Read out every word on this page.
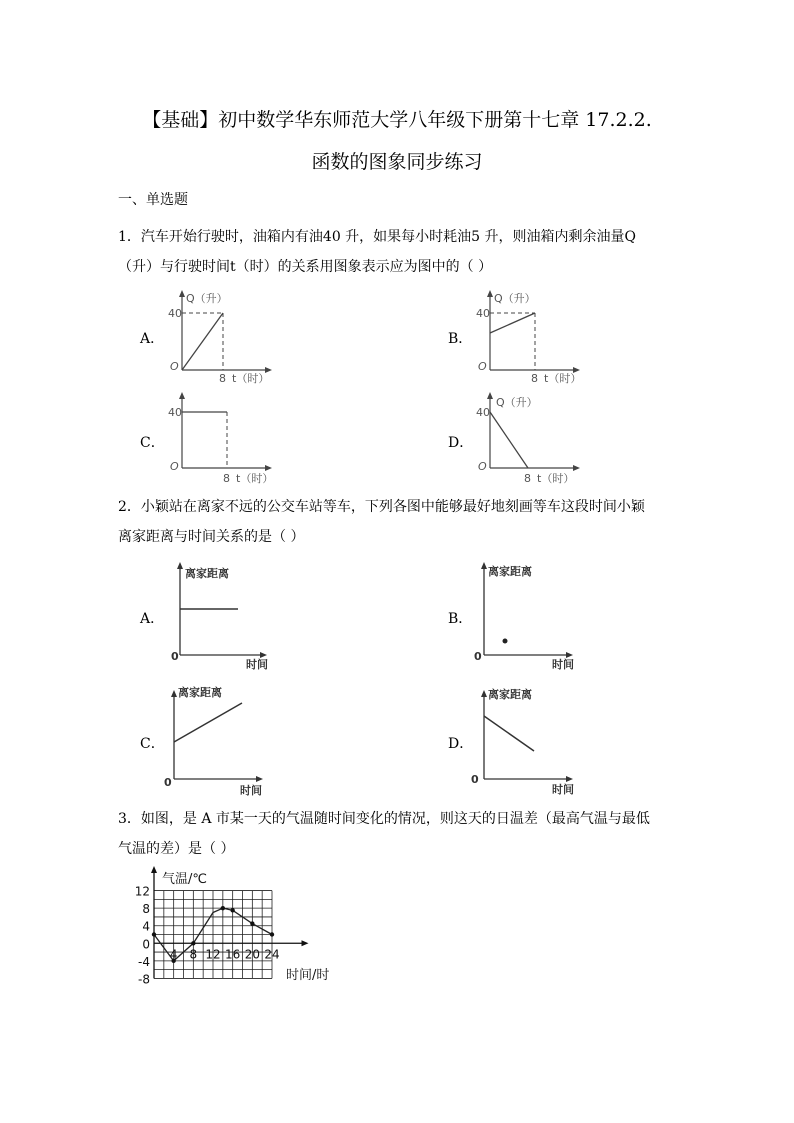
【基础】初中数学华东师范大学八年级下册第十七章 17.2.2.
函数的图象同步练习
一、单选题
1．汽车开始行驶时，油箱内有油40 升，如果每小时耗油5 升，则油箱内剩余油量Q
（升）与行驶时间t（时）的关系用图象表示应为图中的（ ）
A．	B．
C．	D．
Q（升）
40
O
8 t（时）
Q（升）
40
O
8 t（时）
40
O
8 t（时）
Q（升）
40
O
8 t（时）
2．小颖站在离家不远的公交车站等车，下列各图中能够最好地刻画等车这段时间小颖
离家距离与时间关系的是（ ）
A．	B．
C．	D．
离家距离
0
时间
离家距离
0
时间
离家距离
0
时间
离家距离
0
时间
3．如图，是 A 市某一天的气温随时间变化的情况，则这天的日温差（最高气温与最低
气温的差）是（ ）
12
8
4
0
-4
-8
4 8 12 16 20 24
气温/℃
时间/时
